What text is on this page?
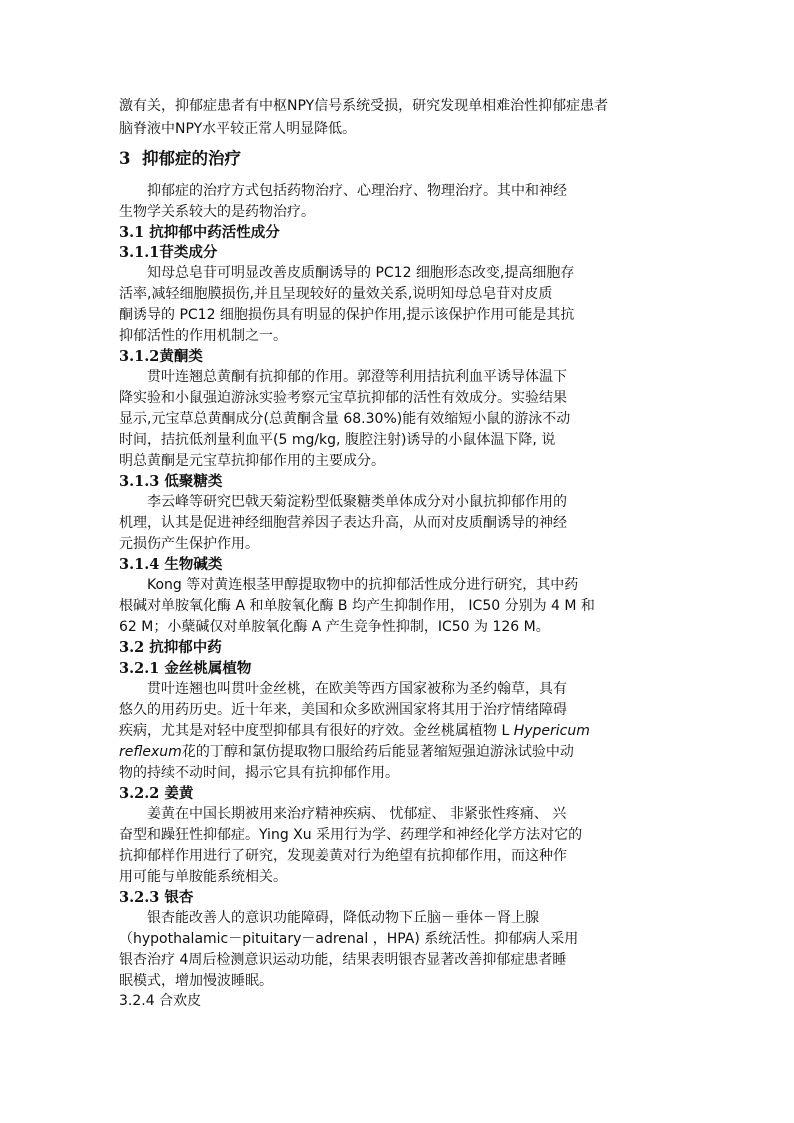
激有关，抑郁症患者有中枢NPY信号系统受损，研究发现单相难治性抑郁症患者

脑脊液中NPY水平较正常人明显降低。

3 抑郁症的治疗

抑郁症的治疗方式包括药物治疗、心理治疗、物理治疗。其中和神经

生物学关系较大的是药物治疗。

3.1 抗抑郁中药活性成分

3.1.1苷类成分

知母总皂苷可明显改善皮质酮诱导的 PC12 细胞形态改变,提高细胞存

活率,减轻细胞膜损伤,并且呈现较好的量效关系,说明知母总皂苷对皮质

酮诱导的 PC12 细胞损伤具有明显的保护作用,提示该保护作用可能是其抗

抑郁活性的作用机制之一。

3.1.2黄酮类

贯叶连翘总黄酮有抗抑郁的作用。郭澄等利用拮抗利血平诱导体温下

降实验和小鼠强迫游泳实验考察元宝草抗抑郁的活性有效成分。实验结果

显示,元宝草总黄酮成分(总黄酮含量 68.30%)能有效缩短小鼠的游泳不动

时间，拮抗低剂量利血平(5 mg/kg, 腹腔注射)诱导的小鼠体温下降, 说

明总黄酮是元宝草抗抑郁作用的主要成分。

3.1.3 低聚糖类

李云峰等研究巴戟天菊淀粉型低聚糖类单体成分对小鼠抗抑郁作用的

机理，认其是促进神经细胞营养因子表达升高，从而对皮质酮诱导的神经

元损伤产生保护作用。

3.1.4 生物碱类

Kong 等对黄连根茎甲醇提取物中的抗抑郁活性成分进行研究，其中药

根碱对单胺氧化酶 A 和单胺氧化酶 B 均产生抑制作用， IC50 分别为 4 M 和

62 M；小蘖碱仅对单胺氧化酶 A 产生竞争性抑制，IC50 为 126 M。

3.2 抗抑郁中药

3.2.1 金丝桃属植物

贯叶连翘也叫贯叶金丝桃，在欧美等西方国家被称为圣约翰草，具有

悠久的用药历史。近十年来，美国和众多欧洲国家将其用于治疗情绪障碍

疾病，尤其是对轻中度型抑郁具有很好的疗效。金丝桃属植物 L Hypericum

reflexum花的丁醇和氯仿提取物口服给药后能显著缩短强迫游泳试验中动

物的持续不动时间，揭示它具有抗抑郁作用。

3.2.2 姜黄

姜黄在中国长期被用来治疗精神疾病、 忧郁症、 非紧张性疼痛、 兴

奋型和躁狂性抑郁症。Ying Xu 采用行为学、药理学和神经化学方法对它的

抗抑郁样作用进行了研究，发现姜黄对行为绝望有抗抑郁作用，而这种作

用可能与单胺能系统相关。

3.2.3 银杏

银杏能改善人的意识功能障碍，降低动物下丘脑－垂体－肾上腺

（hypothalamic－pituitary－adrenal ，HPA) 系统活性。抑郁病人采用

银杏治疗 4周后检测意识运动功能，结果表明银杏显著改善抑郁症患者睡

眠模式，增加慢波睡眠。

3.2.4 合欢皮
